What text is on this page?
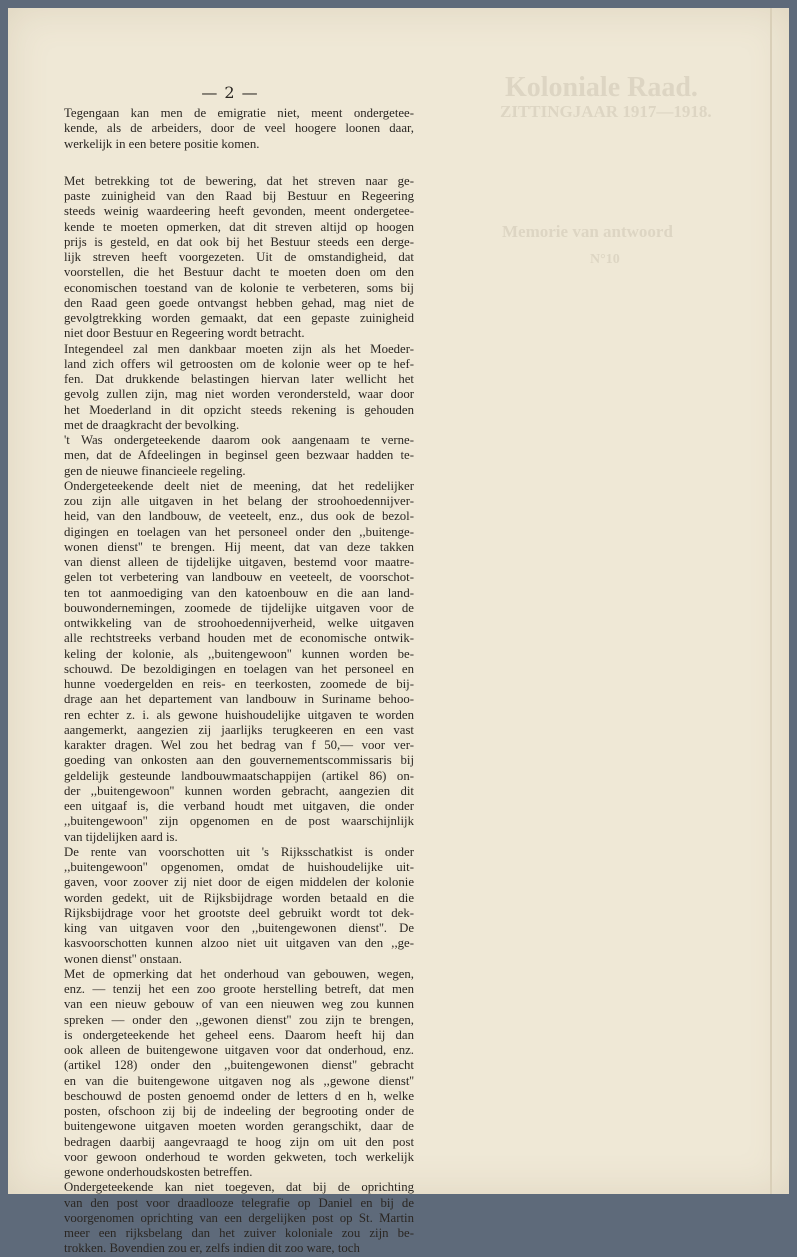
Koloniale Raad.
ZITTINGJAAR 1917—1918.
Memorie van antwoord
N°10
— 2 —
Tegengaan kan men de emigratie niet, meent ondergetee-
kende, als de arbeiders, door de veel hoogere loonen daar,
werkelijk in een betere positie komen.
Met betrekking tot de bewering, dat het streven naar ge-
paste zuinigheid van den Raad bij Bestuur en Regeering
steeds weinig waardeering heeft gevonden, meent ondergetee-
kende te moeten opmerken, dat dit streven altijd op hoogen
prijs is gesteld, en dat ook bij het Bestuur steeds een derge-
lijk streven heeft voorgezeten. Uit de omstandigheid, dat
voorstellen, die het Bestuur dacht te moeten doen om den
economischen toestand van de kolonie te verbeteren, soms bij
den Raad geen goede ontvangst hebben gehad, mag niet de
gevolgtrekking worden gemaakt, dat een gepaste zuinigheid
niet door Bestuur en Regeering wordt betracht.
Integendeel zal men dankbaar moeten zijn als het Moeder-
land zich offers wil getroosten om de kolonie weer op te hef-
fen. Dat drukkende belastingen hiervan later wellicht het
gevolg zullen zijn, mag niet worden verondersteld, waar door
het Moederland in dit opzicht steeds rekening is gehouden
met de draagkracht der bevolking.
't Was ondergeteekende daarom ook aangenaam te verne-
men, dat de Afdeelingen in beginsel geen bezwaar hadden te-
gen de nieuwe financieele regeling.
Ondergeteekende deelt niet de meening, dat het redelijker
zou zijn alle uitgaven in het belang der stroohoedennijver-
heid, van den landbouw, de veeteelt, enz., dus ook de bezol-
digingen en toelagen van het personeel onder den ,,buitenge-
wonen dienst'' te brengen. Hij meent, dat van deze takken
van dienst alleen de tijdelijke uitgaven, bestemd voor maatre-
gelen tot verbetering van landbouw en veeteelt, de voorschot-
ten tot aanmoediging van den katoenbouw en die aan land-
bouwondernemingen, zoomede de tijdelijke uitgaven voor de
ontwikkeling van de stroohoedennijverheid, welke uitgaven
alle rechtstreeks verband houden met de economische ontwik-
keling der kolonie, als ,,buitengewoon'' kunnen worden be-
schouwd. De bezoldigingen en toelagen van het personeel en
hunne voedergelden en reis- en teerkosten, zoomede de bij-
drage aan het departement van landbouw in Suriname behoo-
ren echter z. i. als gewone huishoudelijke uitgaven te worden
aangemerkt, aangezien zij jaarlijks terugkeeren en een vast
karakter dragen. Wel zou het bedrag van f 50,— voor ver-
goeding van onkosten aan den gouvernementscommissaris bij
geldelijk gesteunde landbouwmaatschappijen (artikel 86) on-
der ,,buitengewoon'' kunnen worden gebracht, aangezien dit
een uitgaaf is, die verband houdt met uitgaven, die onder
,,buitengewoon'' zijn opgenomen en de post waarschijnlijk
van tijdelijken aard is.
De rente van voorschotten uit 's Rijksschatkist is onder
,,buitengewoon'' opgenomen, omdat de huishoudelijke uit-
gaven, voor zoover zij niet door de eigen middelen der kolonie
worden gedekt, uit de Rijksbijdrage worden betaald en die
Rijksbijdrage voor het grootste deel gebruikt wordt tot dek-
king van uitgaven voor den ,,buitengewonen dienst''. De
kasvoorschotten kunnen alzoo niet uit uitgaven van den ,,ge-
wonen dienst'' onstaan.
Met de opmerking dat het onderhoud van gebouwen, wegen,
enz. — tenzij het een zoo groote herstelling betreft, dat men
van een nieuw gebouw of van een nieuwen weg zou kunnen
spreken — onder den ,,gewonen dienst'' zou zijn te brengen,
is ondergeteekende het geheel eens. Daarom heeft hij dan
ook alleen de buitengewone uitgaven voor dat onderhoud, enz.
(artikel 128) onder den ,,buitengewonen dienst'' gebracht
en van die buitengewone uitgaven nog als ,,gewone dienst''
beschouwd de posten genoemd onder de letters d en h, welke
posten, ofschoon zij bij de indeeling der begrooting onder de
buitengewone uitgaven moeten worden gerangschikt, daar de
bedragen daarbij aangevraagd te hoog zijn om uit den post
voor gewoon onderhoud te worden gekweten, toch werkelijk
gewone onderhoudskosten betreffen.
Ondergeteekende kan niet toegeven, dat bij de oprichting
van den post voor draadlooze telegrafie op Daniel en bij de
voorgenomen oprichting van een dergelijken post op St. Martin
meer een rijksbelang dan het zuiver koloniale zou zijn be-
trokken. Bovendien zou er, zelfs indien dit zoo ware, toch
